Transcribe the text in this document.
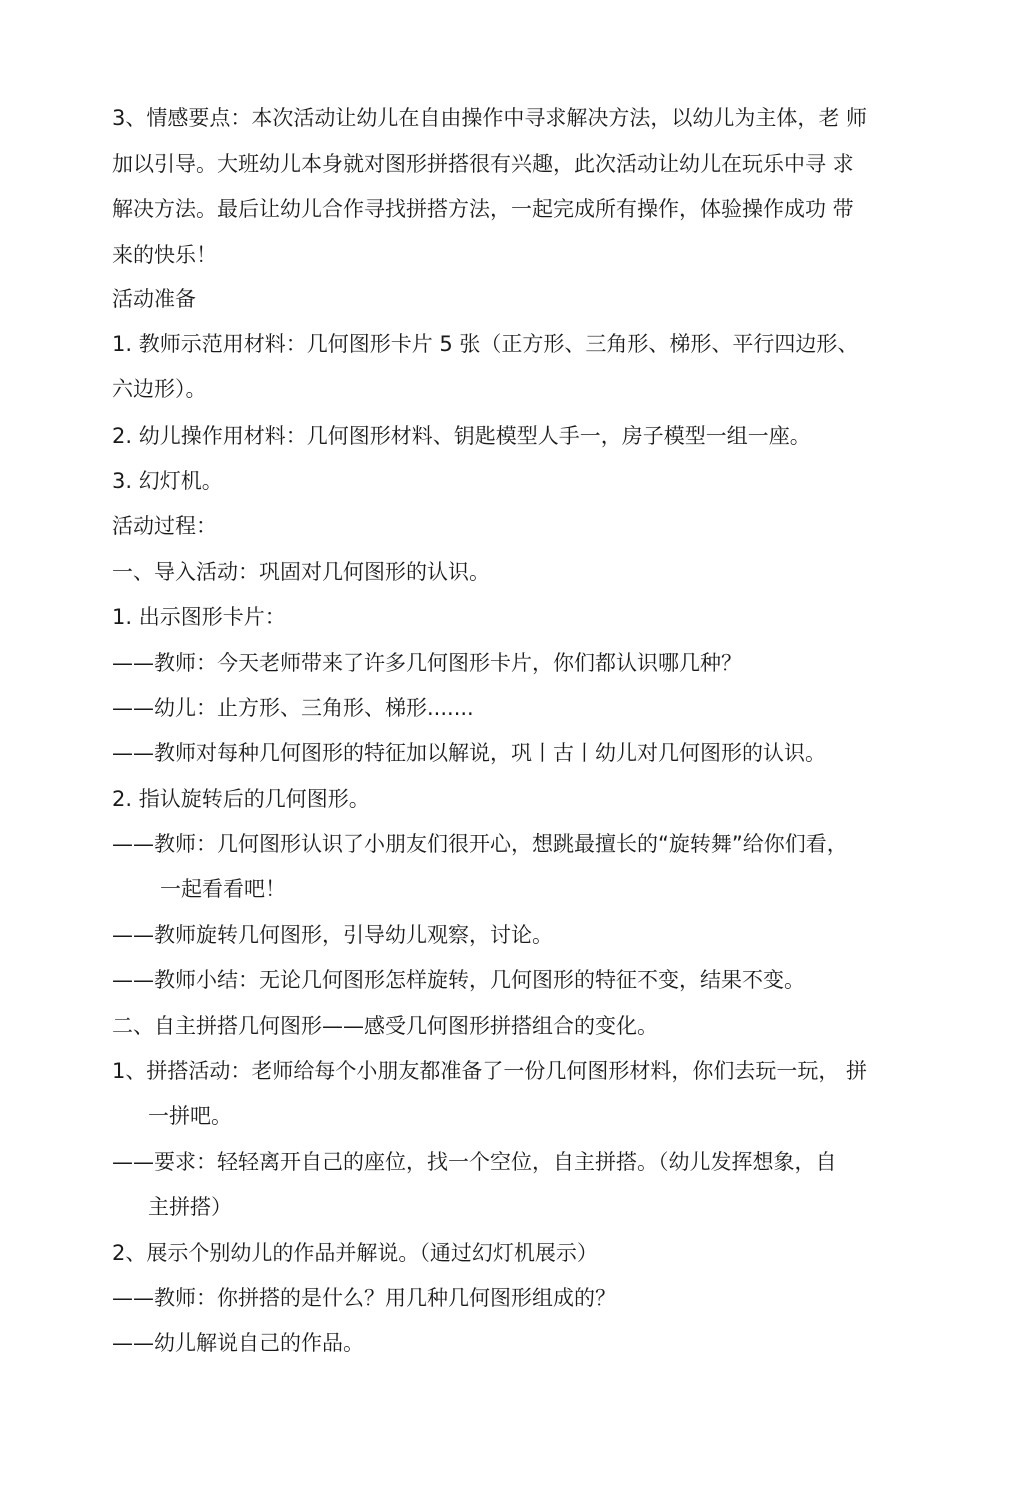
3、情感要点：本次活动让幼儿在自由操作中寻求解决方法，以幼儿为主体，老 师
加以引导。大班幼儿本身就对图形拼搭很有兴趣，此次活动让幼儿在玩乐中寻 求
解决方法。最后让幼儿合作寻找拼搭方法，一起完成所有操作，体验操作成功 带
来的快乐！
活动准备
1. 教师示范用材料：几何图形卡片 5 张（正方形、三角形、梯形、平行四边形、
六边形）。
2. 幼儿操作用材料：几何图形材料、钥匙模型人手一，房子模型一组一座。
3. 幻灯机。
活动过程：
一、导入活动：巩固对几何图形的认识。
1. 出示图形卡片：
——教师：今天老师带来了许多几何图形卡片，你们都认识哪几种？
——幼儿：止方形、三角形、梯形.......
——教师对每种几何图形的特征加以解说，巩丨古丨幼儿对几何图形的认识。
2. 指认旋转后的几何图形。
——教师：几何图形认识了小朋友们很开心，想跳最擅长的“旋转舞”给你们看，
一起看看吧！
——教师旋转几何图形，引导幼儿观察，讨论。
——教师小结：无论几何图形怎样旋转，几何图形的特征不变，结果不变。
二、自主拼搭几何图形——感受几何图形拼搭组合的变化。
1、拼搭活动：老师给每个小朋友都准备了一份几何图形材料，你们去玩一玩， 拼
一拼吧。
——要求：轻轻离开自己的座位，找一个空位，自主拼搭。（幼儿发挥想象，自
主拼搭）
2、展示个别幼儿的作品并解说。（通过幻灯机展示）
——教师：你拼搭的是什么？用几种几何图形组成的？
——幼儿解说自己的作品。
